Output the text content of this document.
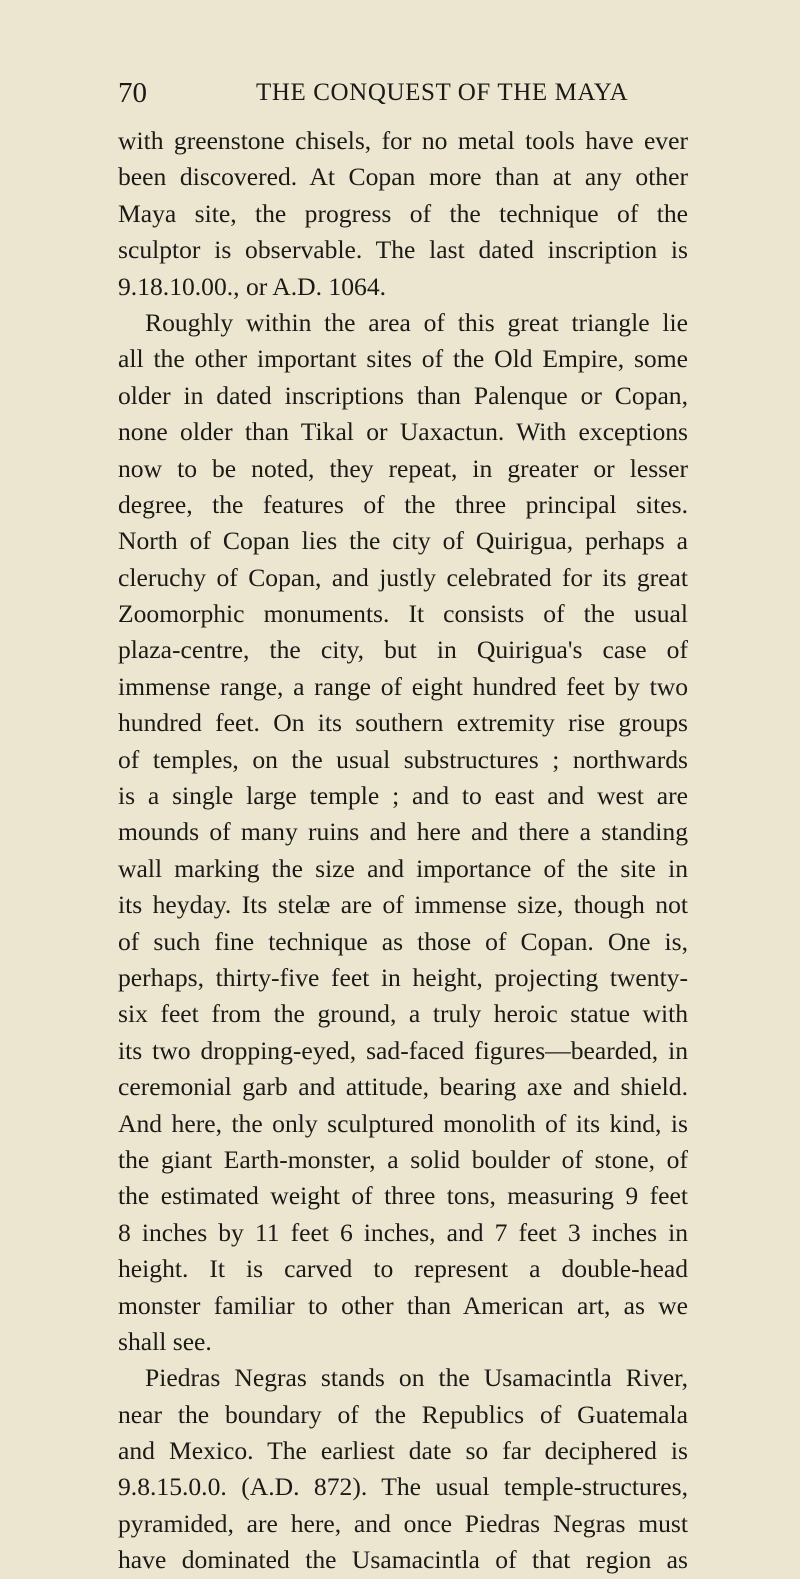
70	THE CONQUEST OF THE MAYA
with greenstone chisels, for no metal tools have ever
been discovered. At Copan more than at any other
Maya site, the progress of the technique of the
sculptor is observable. The last dated inscription is
9.18.10.00., or A.D. 1064.
Roughly within the area of this great triangle lie
all the other important sites of the Old Empire, some
older in dated inscriptions than Palenque or Copan,
none older than Tikal or Uaxactun. With exceptions
now to be noted, they repeat, in greater or lesser
degree, the features of the three principal sites.
North of Copan lies the city of Quirigua, perhaps a
cleruchy of Copan, and justly celebrated for its great
Zoomorphic monuments. It consists of the usual
plaza-centre, the city, but in Quirigua's case of
immense range, a range of eight hundred feet by two
hundred feet. On its southern extremity rise groups
of temples, on the usual substructures ; northwards
is a single large temple ; and to east and west are
mounds of many ruins and here and there a standing
wall marking the size and importance of the site in
its heyday. Its stelæ are of immense size, though not
of such fine technique as those of Copan. One is,
perhaps, thirty-five feet in height, projecting twenty-
six feet from the ground, a truly heroic statue with
its two dropping-eyed, sad-faced figures—bearded, in
ceremonial garb and attitude, bearing axe and shield.
And here, the only sculptured monolith of its kind, is
the giant Earth-monster, a solid boulder of stone, of
the estimated weight of three tons, measuring 9 feet
8 inches by 11 feet 6 inches, and 7 feet 3 inches in
height. It is carved to represent a double-head
monster familiar to other than American art, as we
shall see.
Piedras Negras stands on the Usamacintla River,
near the boundary of the Republics of Guatemala
and Mexico. The earliest date so far deciphered is
9.8.15.0.0. (A.D. 872). The usual temple-structures,
pyramided, are here, and once Piedras Negras must
have dominated the Usamacintla of that region as
